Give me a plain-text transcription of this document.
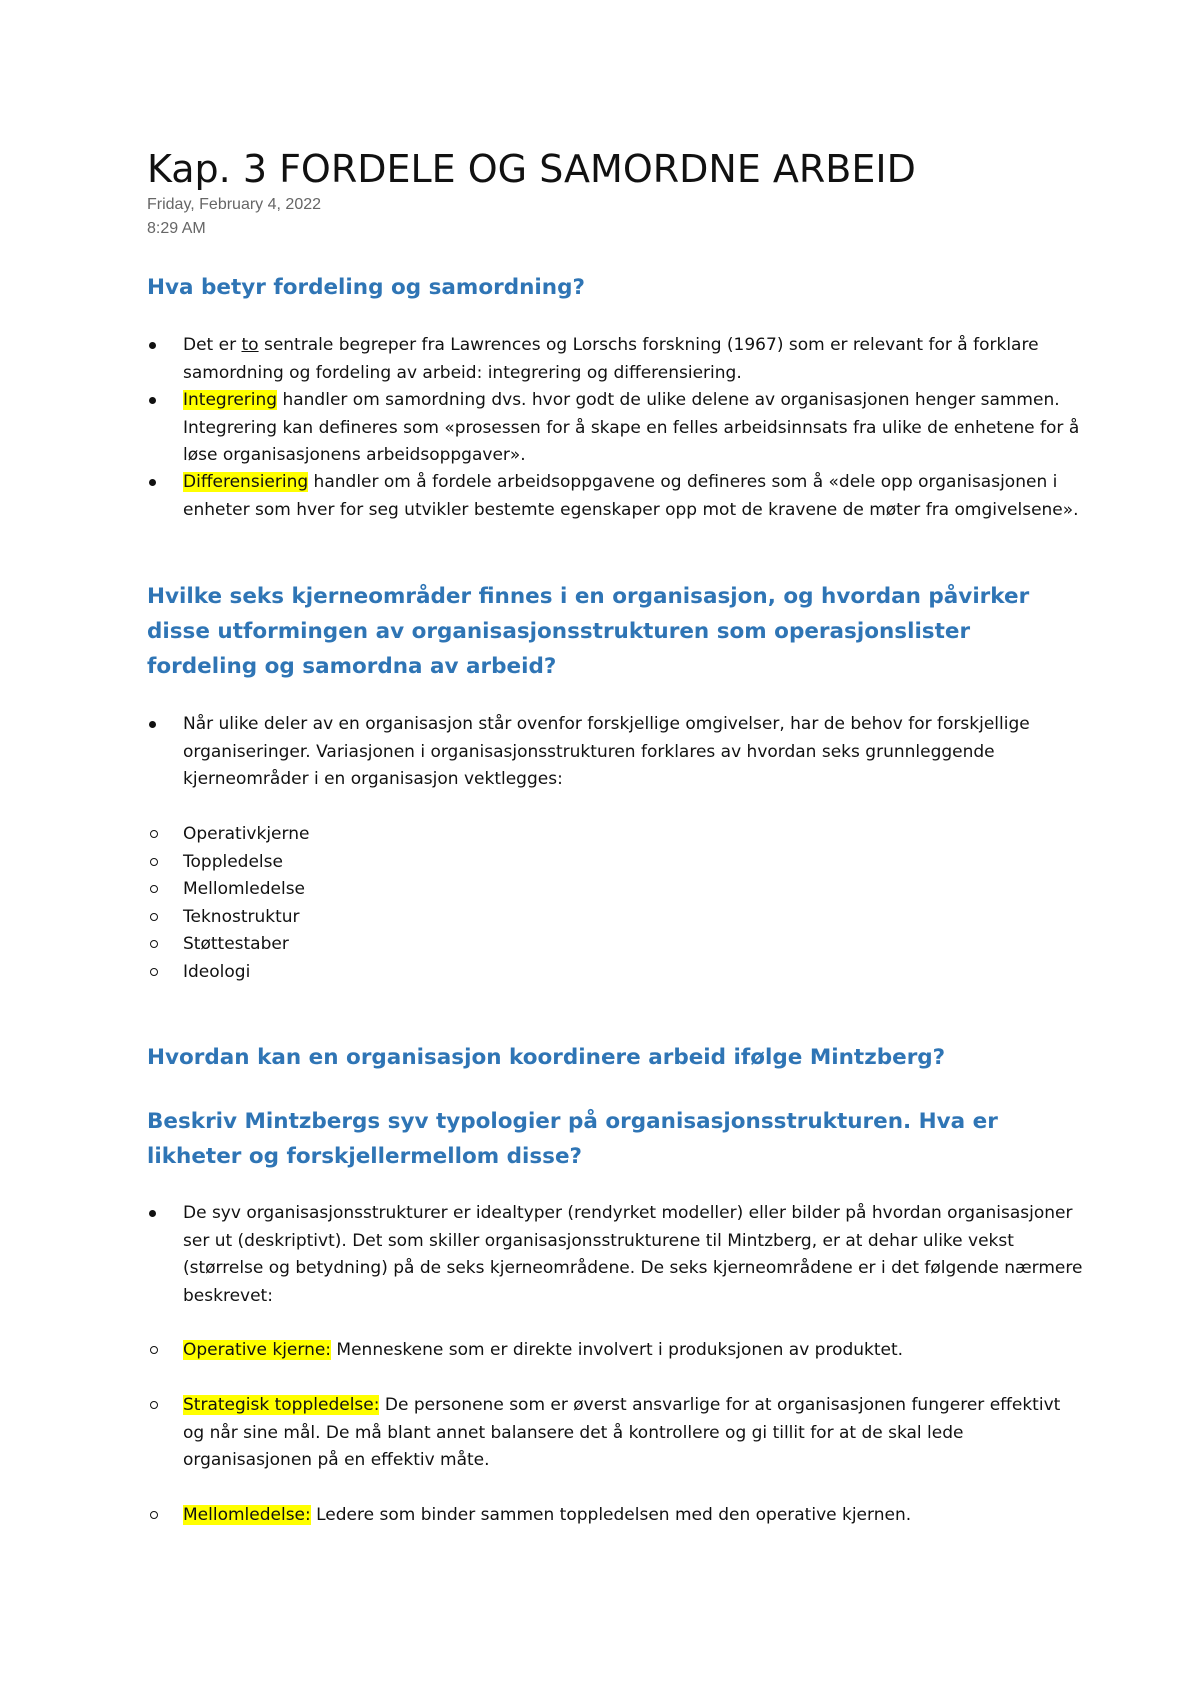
Kap. 3 FORDELE OG SAMORDNE ARBEID
Friday, February 4, 2022
8:29 AM
Hva betyr fordeling og samordning?
Det er to sentrale begreper fra Lawrences og Lorschs forskning (1967) som er relevant for å forklare samordning og fordeling av arbeid: integrering og differensiering.
Integrering handler om samordning dvs. hvor godt de ulike delene av organisasjonen henger sammen. Integrering kan defineres som «prosessen for å skape en felles arbeidsinnsats fra ulike de enhetene for å løse organisasjonens arbeidsoppgaver».
Differensiering handler om å fordele arbeidsoppgavene og defineres som å «dele opp organisasjonen i enheter som hver for seg utvikler bestemte egenskaper opp mot de kravene de møter fra omgivelsene».
Hvilke seks kjerneområder finnes i en organisasjon, og hvordan påvirker disse utformingen av organisasjonsstrukturen som operasjonslister fordeling og samordna av arbeid?
Når ulike deler av en organisasjon står ovenfor forskjellige omgivelser, har de behov for forskjellige organiseringer. Variasjonen i organisasjonsstrukturen forklares av hvordan seks grunnleggende kjerneområder i en organisasjon vektlegges:
Operativkjerne
Toppledelse
Mellomledelse
Teknostruktur
Støttestaber
Ideologi
Hvordan kan en organisasjon koordinere arbeid ifølge Mintzberg?
Beskriv Mintzbergs syv typologier på organisasjonsstrukturen. Hva er likheter og forskjellermellom disse?
De syv organisasjonsstrukturer er idealtyper (rendyrket modeller) eller bilder på hvordan organisasjoner ser ut (deskriptivt). Det som skiller organisasjonsstrukturene til Mintzberg, er at dehar ulike vekst (størrelse og betydning) på de seks kjerneområdene. De seks kjerneområdene er i det følgende nærmere beskrevet:
Operative kjerne: Menneskene som er direkte involvert i produksjonen av produktet.
Strategisk toppledelse: De personene som er øverst ansvarlige for at organisasjonen fungerer effektivt og når sine mål. De må blant annet balansere det å kontrollere og gi tillit for at de skal lede organisasjonen på en effektiv måte.
Mellomledelse: Ledere som binder sammen toppledelsen med den operative kjernen.
